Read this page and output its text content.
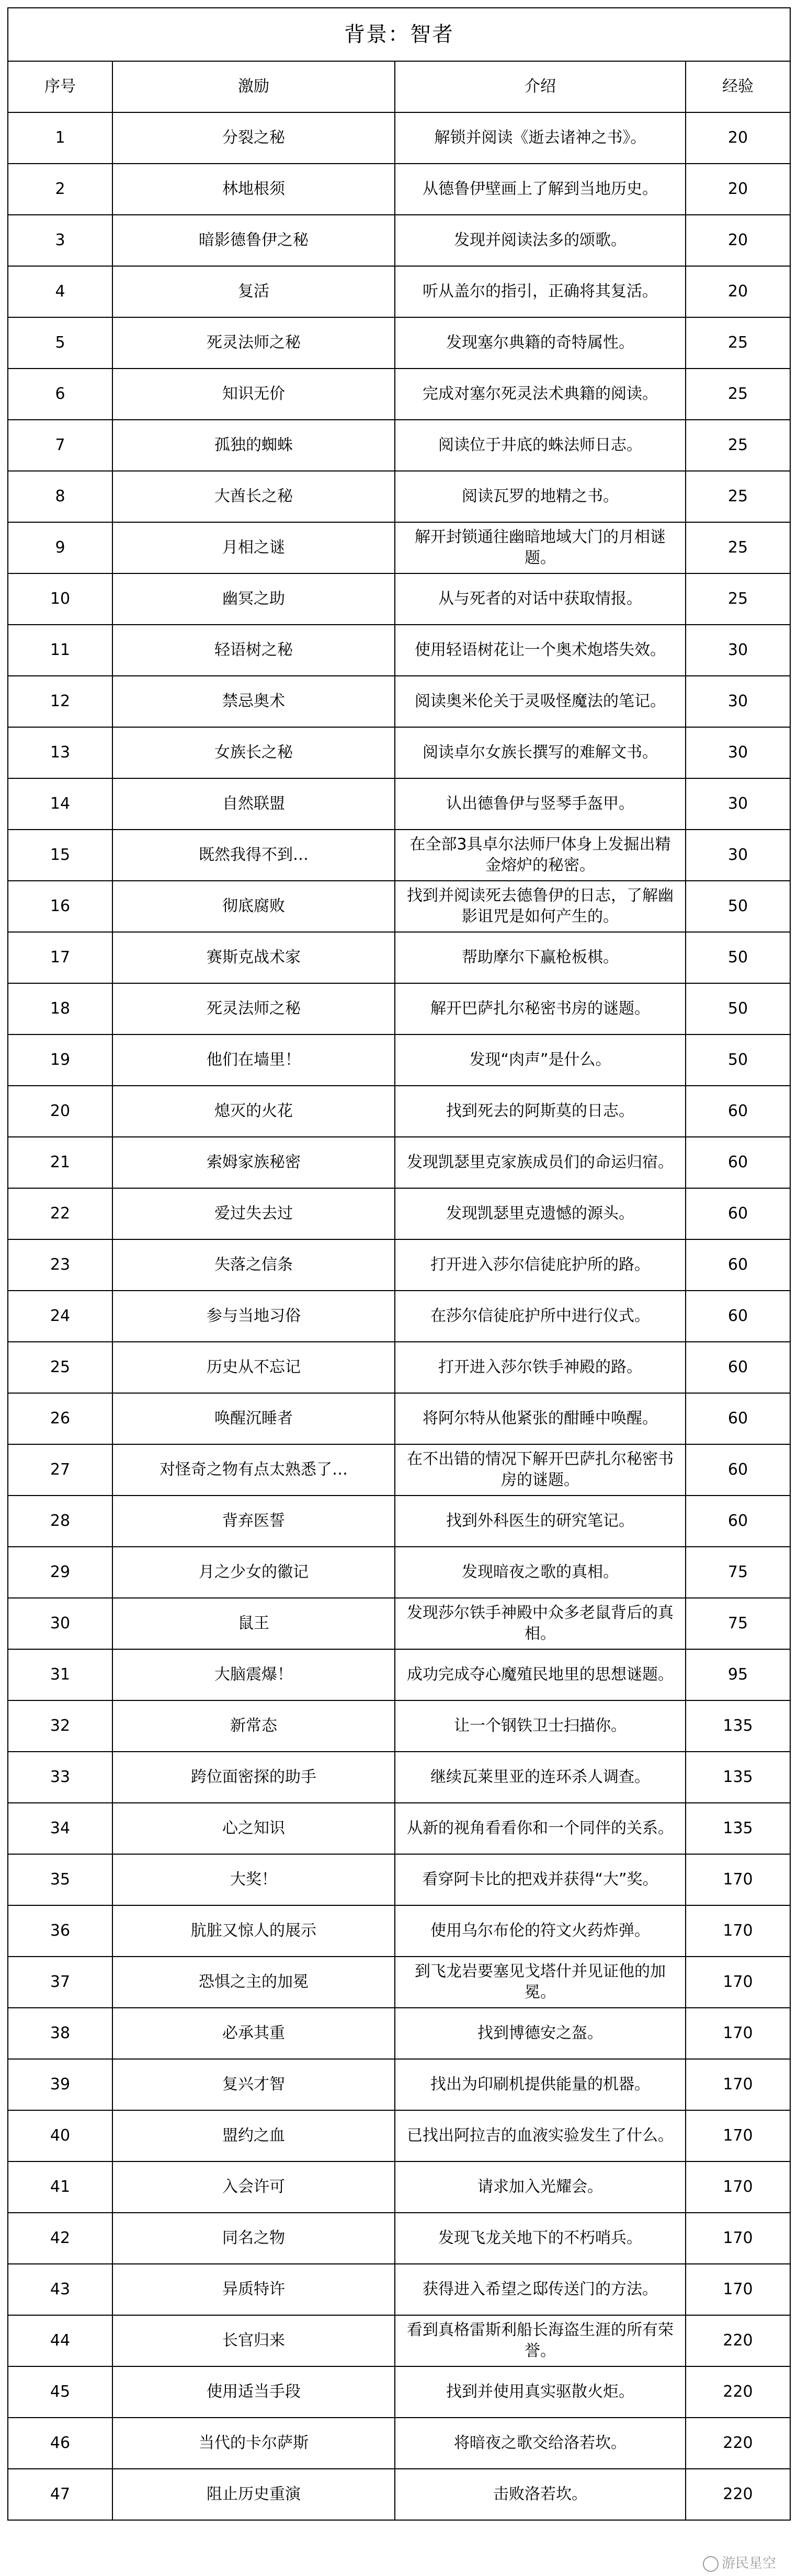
背景：智者			
序号	激励	介绍	经验
1	分裂之秘	解锁并阅读《逝去诸神之书》。	20
2	林地根须	从德鲁伊壁画上了解到当地历史。	20
3	暗影德鲁伊之秘	发现并阅读法多的颂歌。	20
4	复活	听从盖尔的指引，正确将其复活。	20
5	死灵法师之秘	发现塞尔典籍的奇特属性。	25
6	知识无价	完成对塞尔死灵法术典籍的阅读。	25
7	孤独的蜘蛛	阅读位于井底的蛛法师日志。	25
8	大酋长之秘	阅读瓦罗的地精之书。	25
9	月相之谜	解开封锁通往幽暗地域大门的月相谜题。	25
10	幽冥之助	从与死者的对话中获取情报。	25
11	轻语树之秘	使用轻语树花让一个奥术炮塔失效。	30
12	禁忌奥术	阅读奥米伦关于灵吸怪魔法的笔记。	30
13	女族长之秘	阅读卓尔女族长撰写的难解文书。	30
14	自然联盟	认出德鲁伊与竖琴手盔甲。	30
15	既然我得不到…	在全部3具卓尔法师尸体身上发掘出精金熔炉的秘密。	30
16	彻底腐败	找到并阅读死去德鲁伊的日志，了解幽影诅咒是如何产生的。	50
17	赛斯克战术家	帮助摩尔下赢枪板棋。	50
18	死灵法师之秘	解开巴萨扎尔秘密书房的谜题。	50
19	他们在墙里！	发现“肉声”是什么。	50
20	熄灭的火花	找到死去的阿斯莫的日志。	60
21	索姆家族秘密	发现凯瑟里克家族成员们的命运归宿。	60
22	爱过失去过	发现凯瑟里克遗憾的源头。	60
23	失落之信条	打开进入莎尔信徒庇护所的路。	60
24	参与当地习俗	在莎尔信徒庇护所中进行仪式。	60
25	历史从不忘记	打开进入莎尔铁手神殿的路。	60
26	唤醒沉睡者	将阿尔特从他紧张的酣睡中唤醒。	60
27	对怪奇之物有点太熟悉了…	在不出错的情况下解开巴萨扎尔秘密书房的谜题。	60
28	背弃医誓	找到外科医生的研究笔记。	60
29	月之少女的徽记	发现暗夜之歌的真相。	75
30	鼠王	发现莎尔铁手神殿中众多老鼠背后的真相。	75
31	大脑震爆！	成功完成夺心魔殖民地里的思想谜题。	95
32	新常态	让一个钢铁卫士扫描你。	135
33	跨位面密探的助手	继续瓦莱里亚的连环杀人调查。	135
34	心之知识	从新的视角看看你和一个同伴的关系。	135
35	大奖！	看穿阿卡比的把戏并获得“大”奖。	170
36	肮脏又惊人的展示	使用乌尔布伦的符文火药炸弹。	170
37	恐惧之主的加冕	到飞龙岩要塞见戈塔什并见证他的加冕。	170
38	必承其重	找到博德安之盔。	170
39	复兴才智	找出为印刷机提供能量的机器。	170
40	盟约之血	已找出阿拉吉的血液实验发生了什么。	170
41	入会许可	请求加入光耀会。	170
42	同名之物	发现飞龙关地下的不朽哨兵。	170
43	异质特许	获得进入希望之邸传送门的方法。	170
44	长官归来	看到真格雷斯利船长海盗生涯的所有荣誉。	220
45	使用适当手段	找到并使用真实驱散火炬。	220
46	当代的卡尔萨斯	将暗夜之歌交给洛若坎。	220
47	阻止历史重演	击败洛若坎。	220
游民星空
